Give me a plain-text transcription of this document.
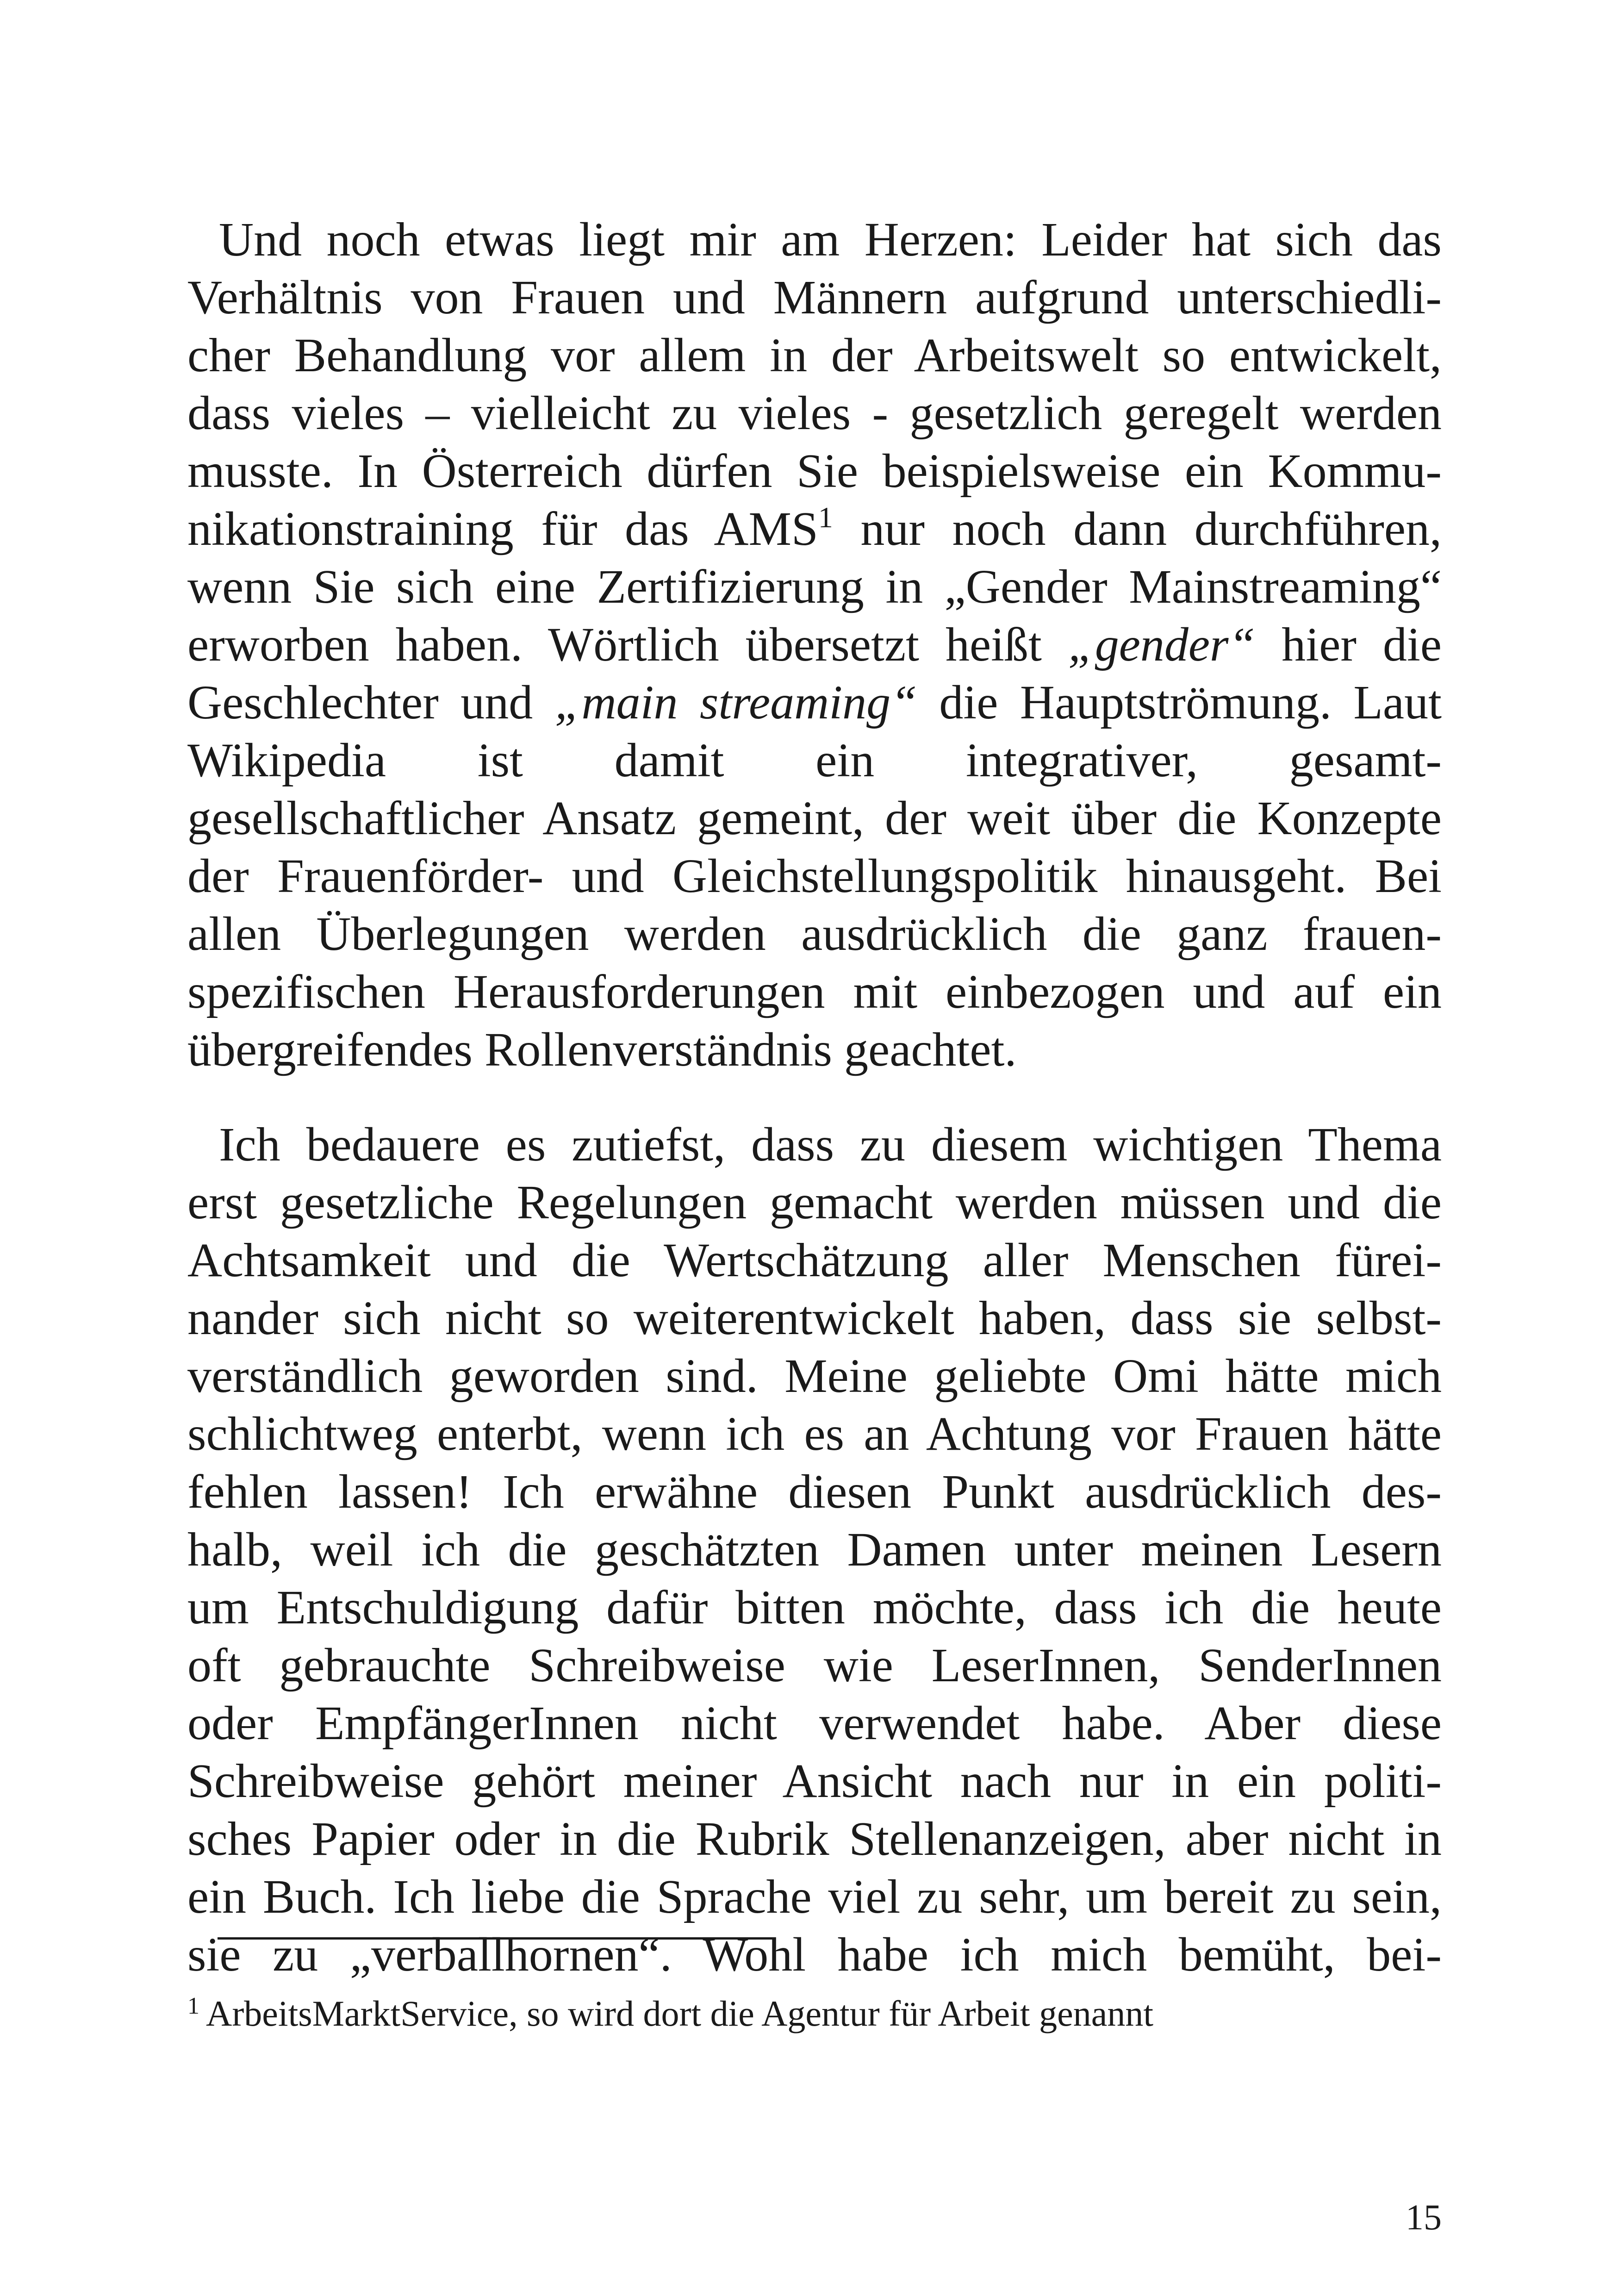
Und noch etwas liegt mir am Herzen: Leider hat sich das
Verhältnis von Frauen und Männern aufgrund unterschiedli-
cher Behandlung vor allem in der Arbeitswelt so entwickelt,
dass vieles – vielleicht zu vieles - gesetzlich geregelt werden
musste. In Österreich dürfen Sie beispielsweise ein Kommu-
nikationstraining für das AMS$^1$ nur noch dann durchführen,
wenn Sie sich eine Zertifizierung in „Gender Mainstreaming“
erworben haben. Wörtlich übersetzt heißt „gender“ hier die
Geschlechter und „main streaming“ die Hauptströmung. Laut
Wikipedia ist damit ein integrativer, gesamt-
gesellschaftlicher Ansatz gemeint, der weit über die Konzepte
der Frauenförder- und Gleichstellungspolitik hinausgeht. Bei
allen Überlegungen werden ausdrücklich die ganz frauen-
spezifischen Herausforderungen mit einbezogen und auf ein
übergreifendes Rollenverständnis geachtet.
Ich bedauere es zutiefst, dass zu diesem wichtigen Thema
erst gesetzliche Regelungen gemacht werden müssen und die
Achtsamkeit und die Wertschätzung aller Menschen fürei-
nander sich nicht so weiterentwickelt haben, dass sie selbst-
verständlich geworden sind. Meine geliebte Omi hätte mich
schlichtweg enterbt, wenn ich es an Achtung vor Frauen hätte
fehlen lassen! Ich erwähne diesen Punkt ausdrücklich des-
halb, weil ich die geschätzten Damen unter meinen Lesern
um Entschuldigung dafür bitten möchte, dass ich die heute
oft gebrauchte Schreibweise wie LeserInnen, SenderInnen
oder EmpfängerInnen nicht verwendet habe. Aber diese
Schreibweise gehört meiner Ansicht nach nur in ein politi-
sches Papier oder in die Rubrik Stellenanzeigen, aber nicht in
ein Buch. Ich liebe die Sprache viel zu sehr, um bereit zu sein,
sie zu „verballhornen“. Wohl habe ich mich bemüht, bei-
$^1$ ArbeitsMarktService, so wird dort die Agentur für Arbeit genannt
15
